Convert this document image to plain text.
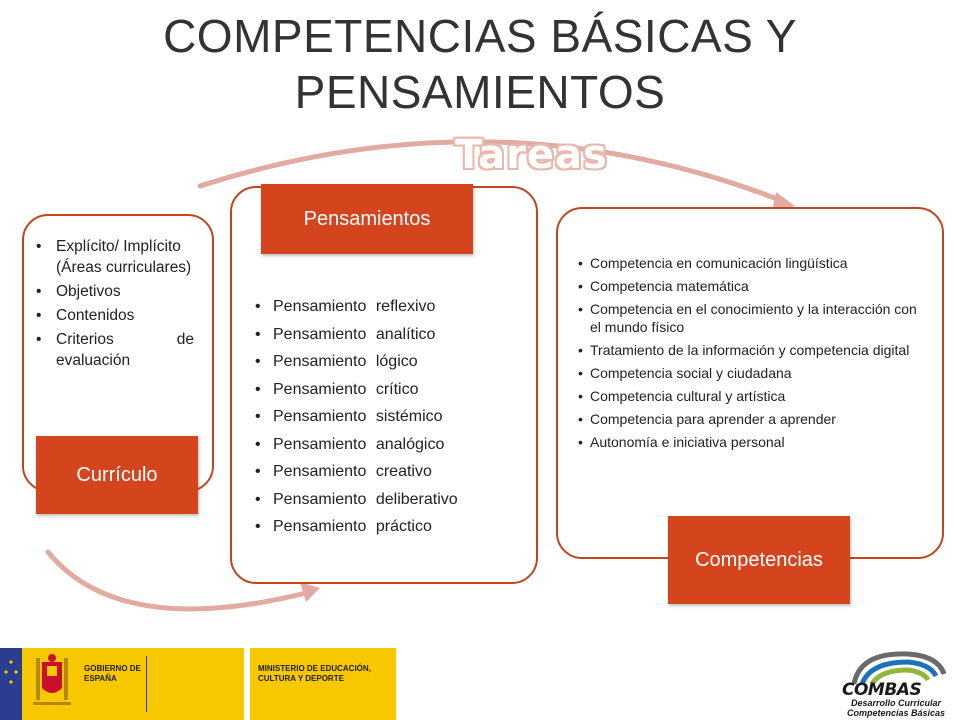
COMPETENCIAS BÁSICAS Y PENSAMIENTOS
Tareas
• Explícito/ Implícito (Áreas curriculares)
• Objetivos
• Contenidos
• Criterios de evaluación
Currículo
Pensamientos
• Pensamiento reflexivo
• Pensamiento analítico
• Pensamiento lógico
• Pensamiento crítico
• Pensamiento sistémico
• Pensamiento analógico
• Pensamiento creativo
• Pensamiento deliberativo
• Pensamiento práctico
• Competencia en comunicación lingüística
• Competencia matemática
• Competencia en el conocimiento y la interacción con el mundo físico
• Tratamiento de la información y competencia digital
• Competencia social y ciudadana
• Competencia cultural y artística
• Competencia para aprender a aprender
• Autonomía e iniciativa personal
Competencias
GOBIERNO DE ESPAÑA
MINISTERIO DE EDUCACIÓN, CULTURA Y DEPORTE
COMBAS
Desarrollo Curricular Competencias Básicas
